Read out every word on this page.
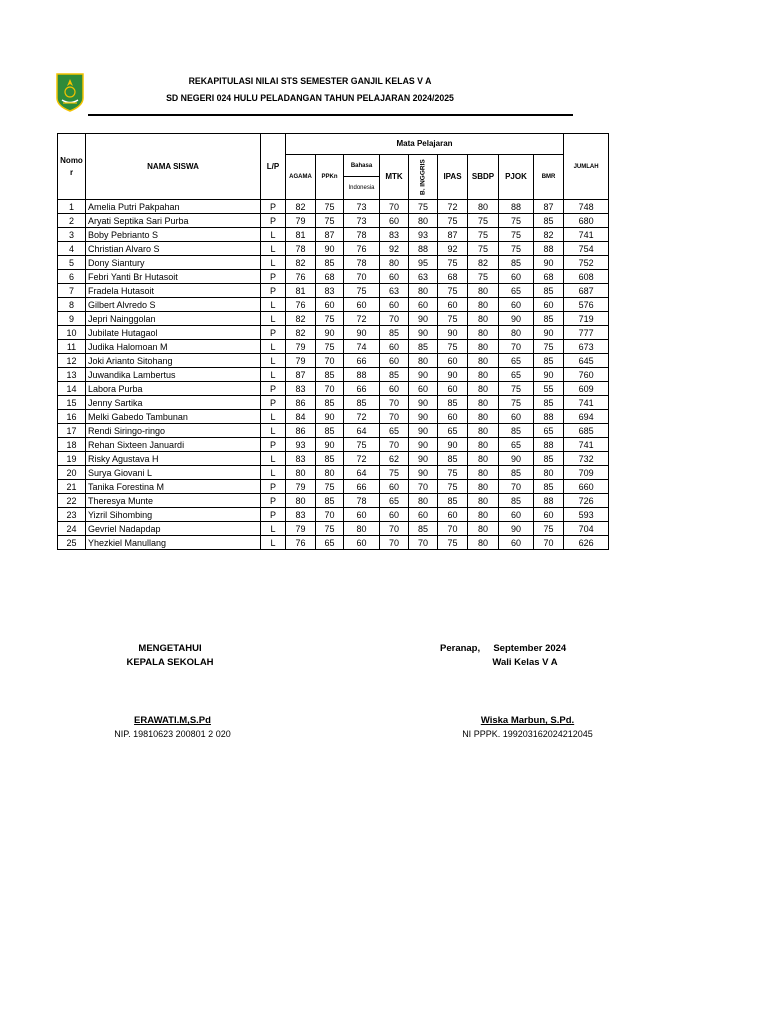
REKAPITULASI NILAI STS SEMESTER GANJIL KELAS V A
SD NEGERI 024 HULU PELADANGAN TAHUN PELAJARAN 2024/2025
Nomo
r	NAMA SISWA	L/P	Mata Pelajaran									JUMLAH
			AGAMA	PPKn	Bahasa	MTK	B. INGGRIS	IPAS	SBDP	PJOK	BMR	
					Indonesia							
1	Amelia Putri Pakpahan	P	82	75	73	70	75	72	80	88	87	748
2	Aryati Septika Sari Purba	P	79	75	73	60	80	75	75	75	85	680
3	Boby Pebrianto S	L	81	87	78	83	93	87	75	75	82	741
4	Christian Alvaro S	L	78	90	76	92	88	92	75	75	88	754
5	Dony Siantury	L	82	85	78	80	95	75	82	85	90	752
6	Febri Yanti Br Hutasoit	P	76	68	70	60	63	68	75	60	68	608
7	Fradela Hutasoit	P	81	83	75	63	80	75	80	65	85	687
8	Gilbert Alvredo S	L	76	60	60	60	60	60	80	60	60	576
9	Jepri Nainggolan	L	82	75	72	70	90	75	80	90	85	719
10	Jubilate Hutagaol	P	82	90	90	85	90	90	80	80	90	777
11	Judika Halomoan M	L	79	75	74	60	85	75	80	70	75	673
12	Joki Arianto Sitohang	L	79	70	66	60	80	60	80	65	85	645
13	Juwandika Lambertus	L	87	85	88	85	90	90	80	65	90	760
14	Labora Purba	P	83	70	66	60	60	60	80	75	55	609
15	Jenny Sartika	P	86	85	85	70	90	85	80	75	85	741
16	Melki Gabedo Tambunan	L	84	90	72	70	90	60	80	60	88	694
17	Rendi Siringo-ringo	L	86	85	64	65	90	65	80	85	65	685
18	Rehan Sixteen Januardi	P	93	90	75	70	90	90	80	65	88	741
19	Risky Agustava H	L	83	85	72	62	90	85	80	90	85	732
20	Surya Giovani L	L	80	80	64	75	90	75	80	85	80	709
21	Tanika Forestina M	P	79	75	66	60	70	75	80	70	85	660
22	Theresya Munte	P	80	85	78	65	80	85	80	85	88	726
23	Yizril Sihombing	P	83	70	60	60	60	60	80	60	60	593
24	Gevriel Nadapdap	L	79	75	80	70	85	70	80	90	75	704
25	Yhezkiel Manullang	L	76	65	60	70	70	75	80	60	70	626
MENGETAHUI
KEPALA SEKOLAH
ERAWATI.M,S.Pd
NIP. 19810623 200801 2 020
Peranap,     September 2024
Wali Kelas V A
Wiska Marbun, S.Pd.
NI PPPK. 199203162024212045
